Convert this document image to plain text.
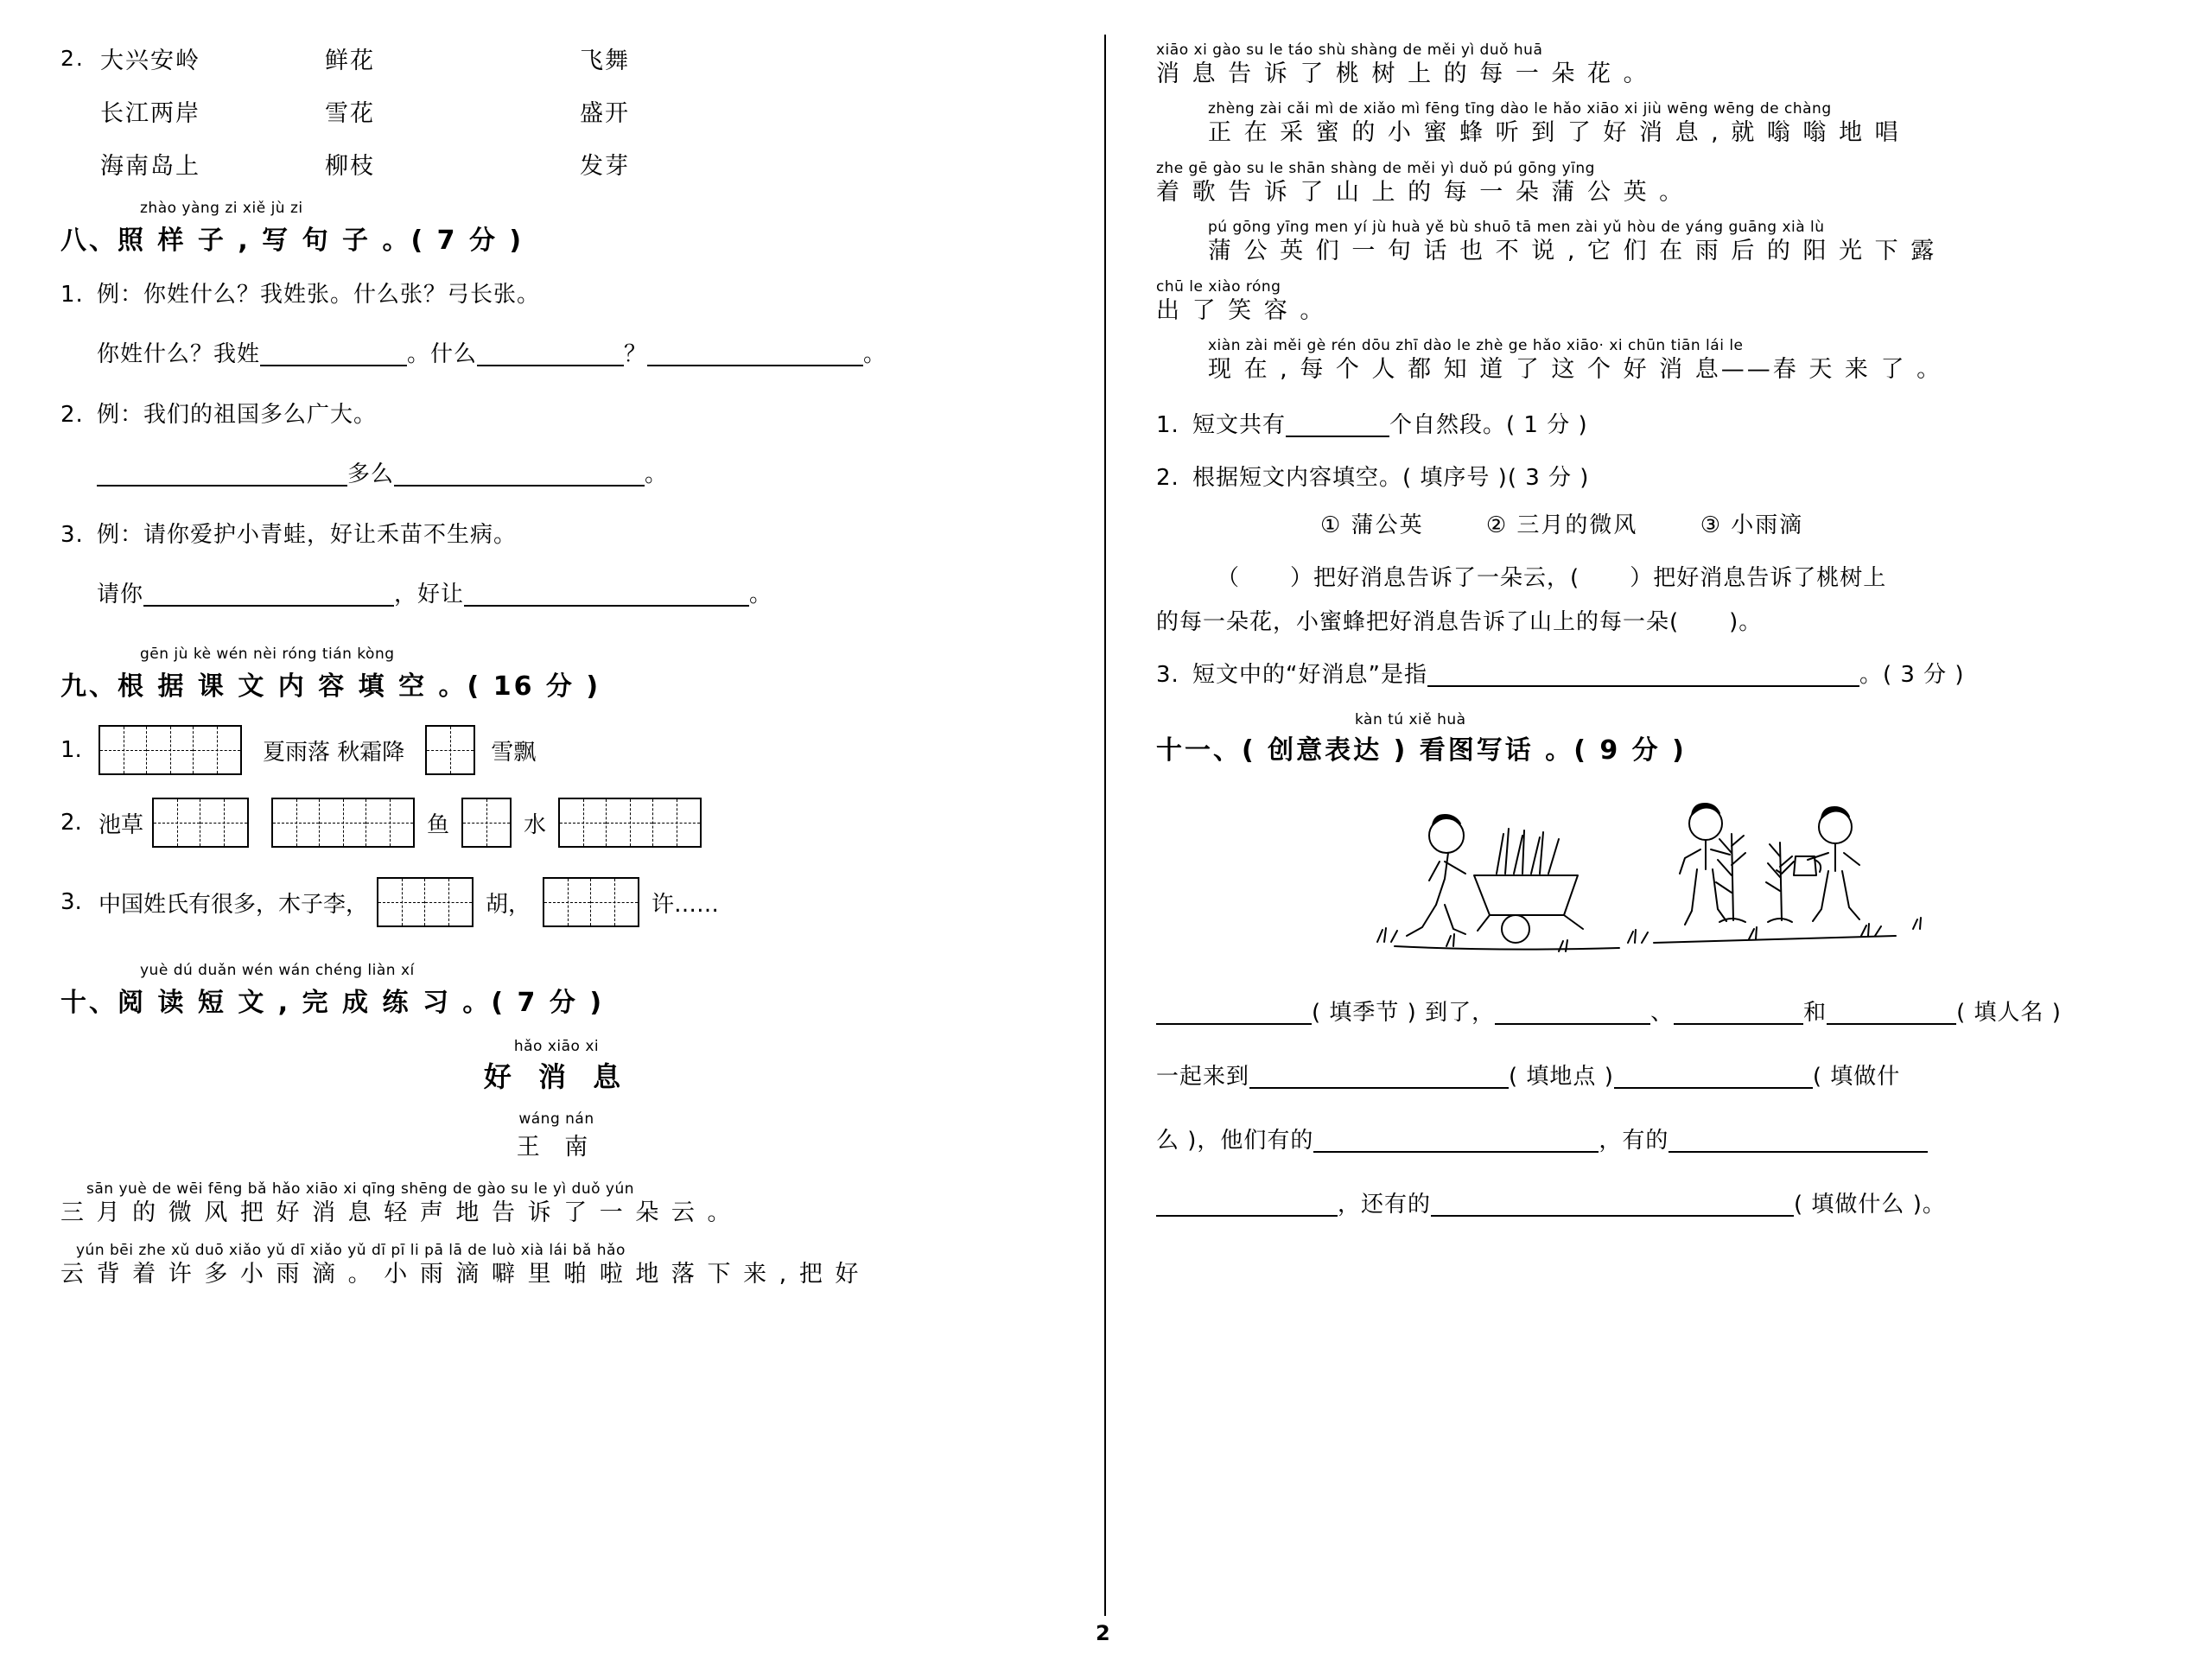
2. 大兴安岭	鲜花	飞舞
长江两岸	雪花	盛开
海南岛上	柳枝	发芽
zhào yàng zi xiě jù zi
八、照 样 子 , 写 句 子 。( 7 分 )
1. 例：你姓什么？我姓张。什么张？弓长张。
你姓什么？我姓	。什么	？	。
2. 例：我们的祖国多么广大。
多么	。
3. 例：请你爱护小青蛙，好让禾苗不生病。
请你	，好让	。
gēn jù kè wén nèi róng tián kòng
九、根 据 课 文 内 容 填 空 。( 16 分 )
1.	夏雨落 秋霜降	雪飘
2. 池草	鱼	水
3. 中国姓氏有很多，木子李，	胡，	许……
yuè dú duǎn wén wán chéng liàn xí
十、阅 读 短 文 , 完 成 练 习 。( 7 分 )
hǎo xiāo xi
好 消 息
wáng nán
王 南
sān yuè de wēi fēng bǎ hǎo xiāo xi qīng shēng de gào su le yì duǒ yún
三 月 的 微 风 把 好 消 息 轻 声 地 告 诉 了 一 朵 云 。
yún bēi zhe xǔ duō xiǎo yǔ dī xiǎo yǔ dī pī li pā lā de luò xià lái bǎ hǎo
云 背 着 许 多 小 雨 滴 。 小 雨 滴 噼 里 啪 啦 地 落 下 来 , 把 好
xiāo xi gào su le táo shù shàng de měi yì duǒ huā
消 息 告 诉 了 桃 树 上 的 每 一 朵 花 。
zhèng zài cǎi mì de xiǎo mì fēng tīng dào le hǎo xiāo xi jiù wēng wēng de chàng
正 在 采 蜜 的 小 蜜 蜂 听 到 了 好 消 息 , 就 嗡 嗡 地 唱
zhe gē gào su le shān shàng de měi yì duǒ pú gōng yīng
着 歌 告 诉 了 山 上 的 每 一 朵 蒲 公 英 。
pú gōng yīng men yí jù huà yě bù shuō tā men zài yǔ hòu de yáng guāng xià lù
蒲 公 英 们 一 句 话 也 不 说 , 它 们 在 雨 后 的 阳 光 下 露
chū le xiào róng
出 了 笑 容 。
xiàn zài měi gè rén dōu zhī dào le zhè ge hǎo xiāo· xi chūn tiān lái le
现 在 , 每 个 人 都 知 道 了 这 个 好 消 息——春 天 来 了 。
1. 短文共有	个自然段。( 1 分 )
2. 根据短文内容填空。( 填序号 )( 3 分 )
① 蒲公英	② 三月的微风	③ 小雨滴
（ ）把好消息告诉了一朵云，( ）把好消息告诉了桃树上
的每一朵花，小蜜蜂把好消息告诉了山上的每一朵( )。
3. 短文中的“好消息”是指	。( 3 分 )
kàn tú xiě huà
十一、( 创意表达 ) 看图写话 。( 9 分 )
( 填季节 ) 到了，	、	和	( 填人名 )
一起来到	( 填地点 )	( 填做什
么 )，他们有的	，有的
，还有的	( 填做什么 )。
2
